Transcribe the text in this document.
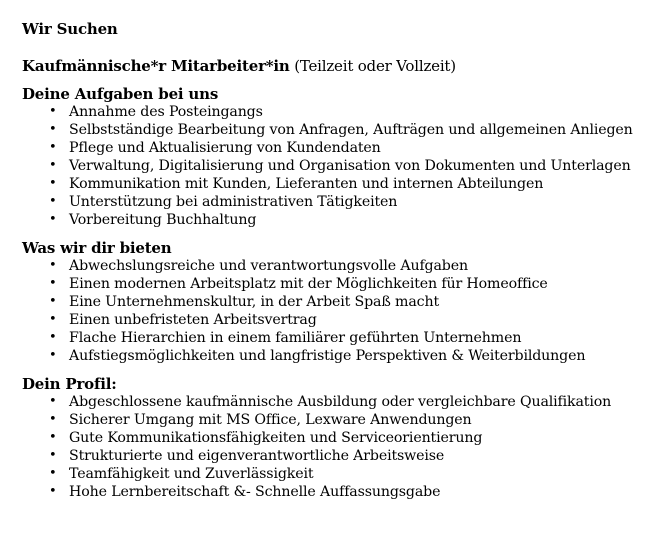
Wir Suchen
Kaufmännische*r Mitarbeiter*in (Teilzeit oder Vollzeit)
Deine Aufgaben bei uns
• Annahme des Posteingangs
• Selbstständige Bearbeitung von Anfragen, Aufträgen und allgemeinen Anliegen
• Pflege und Aktualisierung von Kundendaten
• Verwaltung, Digitalisierung und Organisation von Dokumenten und Unterlagen
• Kommunikation mit Kunden, Lieferanten und internen Abteilungen
• Unterstützung bei administrativen Tätigkeiten
• Vorbereitung Buchhaltung
Was wir dir bieten
• Abwechslungsreiche und verantwortungsvolle Aufgaben
• Einen modernen Arbeitsplatz mit der Möglichkeiten für Homeoffice
• Eine Unternehmenskultur, in der Arbeit Spaß macht
• Einen unbefristeten Arbeitsvertrag
• Flache Hierarchien in einem familiärer geführten Unternehmen
• Aufstiegsmöglichkeiten und langfristige Perspektiven & Weiterbildungen
Dein Profil:
• Abgeschlossene kaufmännische Ausbildung oder vergleichbare Qualifikation
• Sicherer Umgang mit MS Office, Lexware Anwendungen
• Gute Kommunikationsfähigkeiten und Serviceorientierung
• Strukturierte und eigenverantwortliche Arbeitsweise
• Teamfähigkeit und Zuverlässigkeit
• Hohe Lernbereitschaft &- Schnelle Auffassungsgabe
